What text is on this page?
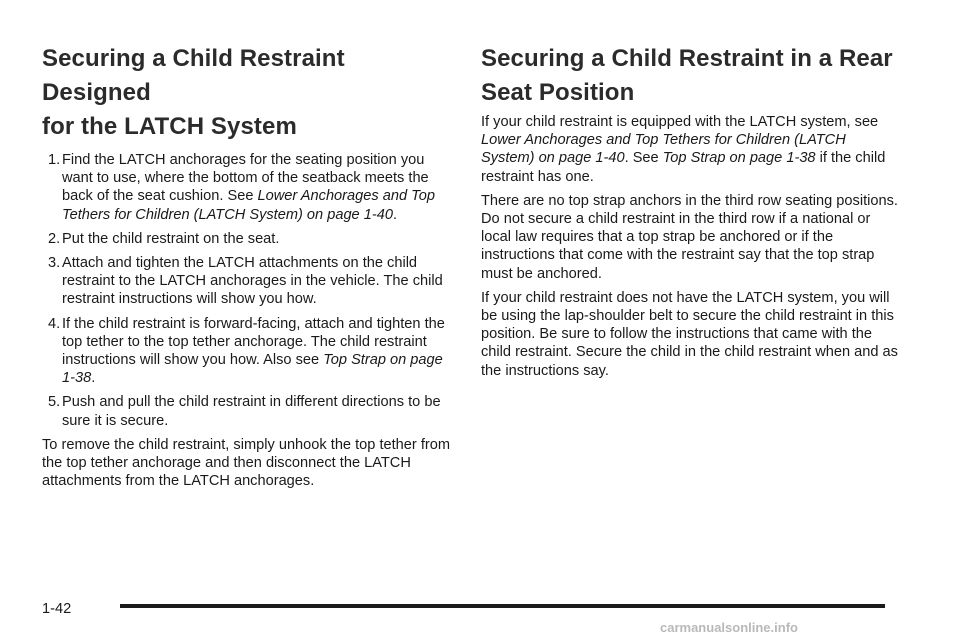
Securing a Child Restraint Designed
for the LATCH System
1. Find the LATCH anchorages for the seating position you want to use, where the bottom of the seatback meets the back of the seat cushion. See Lower Anchorages and Top Tethers for Children (LATCH System) on page 1-40.
2. Put the child restraint on the seat.
3. Attach and tighten the LATCH attachments on the child restraint to the LATCH anchorages in the vehicle. The child restraint instructions will show you how.
4. If the child restraint is forward-facing, attach and tighten the top tether to the top tether anchorage. The child restraint instructions will show you how. Also see Top Strap on page 1-38.
5. Push and pull the child restraint in different directions to be sure it is secure.

To remove the child restraint, simply unhook the top tether from the top tether anchorage and then disconnect the LATCH attachments from the LATCH anchorages.

Securing a Child Restraint in a Rear
Seat Position

If your child restraint is equipped with the LATCH system, see Lower Anchorages and Top Tethers for Children (LATCH System) on page 1-40. See Top Strap on page 1-38 if the child restraint has one.

There are no top strap anchors in the third row seating positions. Do not secure a child restraint in the third row if a national or local law requires that a top strap be anchored or if the instructions that come with the restraint say that the top strap must be anchored.

If your child restraint does not have the LATCH system, you will be using the lap-shoulder belt to secure the child restraint in this position. Be sure to follow the instructions that came with the child restraint. Secure the child in the child restraint when and as the instructions say.

1-42
carmanualsonline.info
